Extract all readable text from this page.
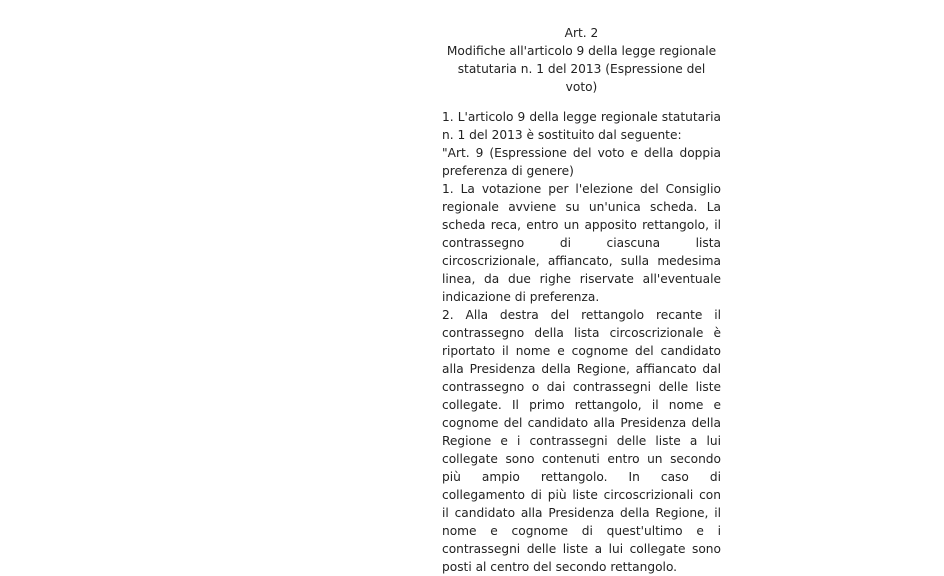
Art. 2

Modifiche all'articolo 9 della legge regionale

statutaria n. 1 del 2013 (Espressione del voto)

1. L'articolo 9 della legge regionale statutaria n. 1 del 2013 è sostituito dal seguente:

"Art. 9 (Espressione del voto e della doppia preferenza di genere)

1. La votazione per l'elezione del Consiglio regionale avviene su un'unica scheda. La scheda reca, entro un apposito rettangolo, il contrassegno di ciascuna lista circoscrizionale, affiancato, sulla medesima linea, da due righe riservate all'eventuale indicazione di preferenza.

2. Alla destra del rettangolo recante il contrassegno della lista circoscrizionale è riportato il nome e cognome del candidato alla Presidenza della Regione, affiancato dal contrassegno o dai contrassegni delle liste collegate. Il primo rettangolo, il nome e cognome del candidato alla Presidenza della Regione e i contrassegni delle liste a lui collegate sono contenuti entro un secondo più ampio rettangolo. In caso di collegamento di più liste circoscrizionali con il candidato alla Presidenza della Regione, il nome e cognome di quest'ultimo e i contrassegni delle liste a lui collegate sono posti al centro del secondo rettangolo.
